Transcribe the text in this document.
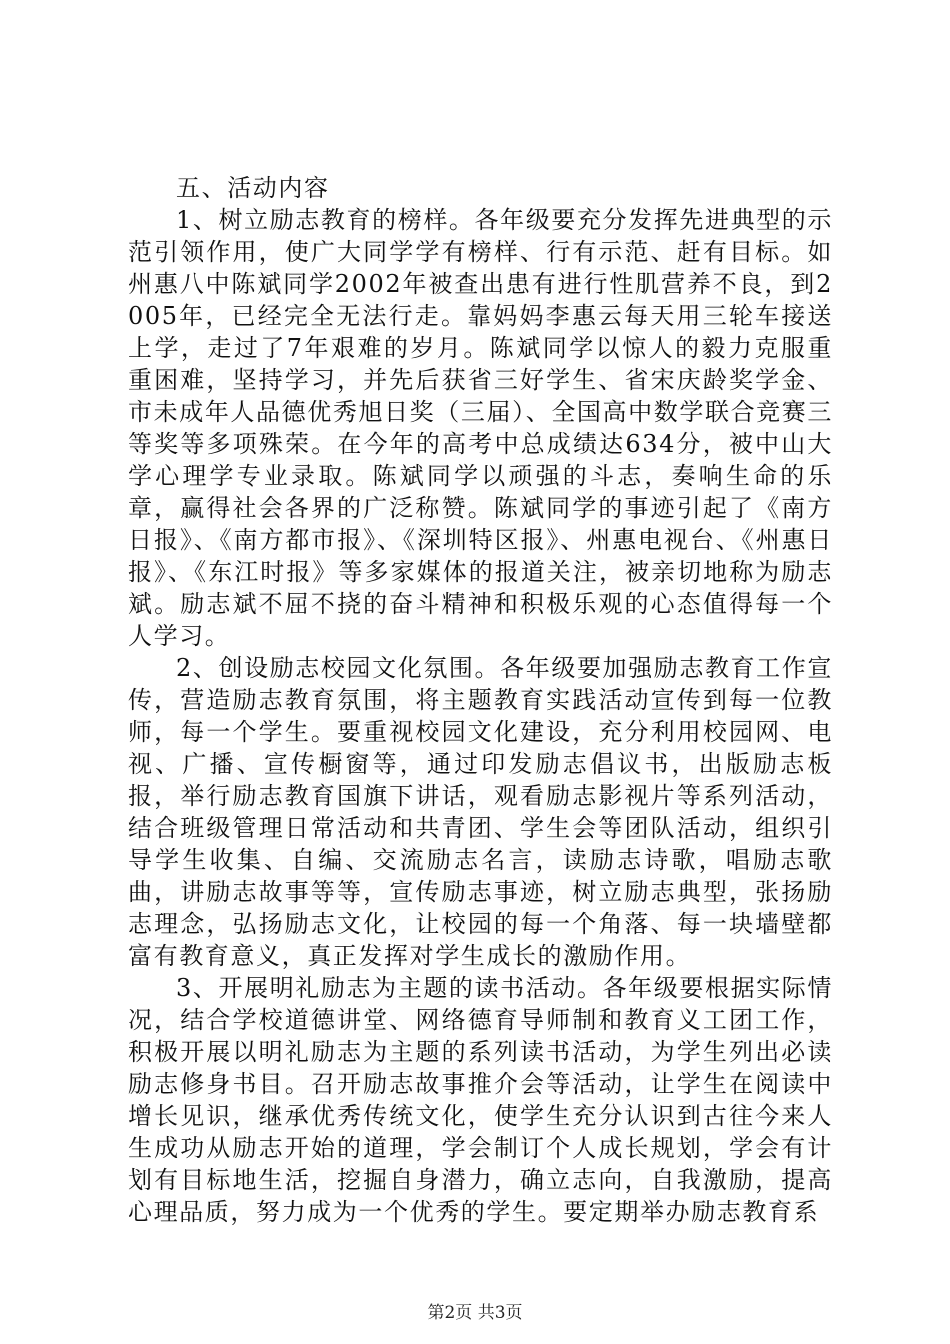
五、活动内容

1、树立励志教育的榜样。各年级要充分发挥先进典型的示范引领作用，使广大同学学有榜样、行有示范、赶有目标。如州惠八中陈斌同学2002年被查出患有进行性肌营养不良，到2005年，已经完全无法行走。靠妈妈李惠云每天用三轮车接送上学，走过了7年艰难的岁月。陈斌同学以惊人的毅力克服重重困难，坚持学习，并先后获省三好学生、省宋庆龄奖学金、市未成年人品德优秀旭日奖（三届）、全国高中数学联合竞赛三等奖等多项殊荣。在今年的高考中总成绩达634分，被中山大学心理学专业录取。陈斌同学以顽强的斗志，奏响生命的乐章，赢得社会各界的广泛称赞。陈斌同学的事迹引起了《南方日报》、《南方都市报》、《深圳特区报》、州惠电视台、《州惠日报》、《东江时报》等多家媒体的报道关注，被亲切地称为励志斌。励志斌不屈不挠的奋斗精神和积极乐观的心态值得每一个人学习。

2、创设励志校园文化氛围。各年级要加强励志教育工作宣传，营造励志教育氛围，将主题教育实践活动宣传到每一位教师，每一个学生。要重视校园文化建设，充分利用校园网、电视、广播、宣传橱窗等，通过印发励志倡议书，出版励志板报，举行励志教育国旗下讲话，观看励志影视片等系列活动，结合班级管理日常活动和共青团、学生会等团队活动，组织引导学生收集、自编、交流励志名言，读励志诗歌，唱励志歌曲，讲励志故事等等，宣传励志事迹，树立励志典型，张扬励志理念，弘扬励志文化，让校园的每一个角落、每一块墙壁都富有教育意义，真正发挥对学生成长的激励作用。

3、开展明礼励志为主题的读书活动。各年级要根据实际情况，结合学校道德讲堂、网络德育导师制和教育义工团工作，积极开展以明礼励志为主题的系列读书活动，为学生列出必读励志修身书目。召开励志故事推介会等活动，让学生在阅读中增长见识，继承优秀传统文化，使学生充分认识到古往今来人生成功从励志开始的道理，学会制订个人成长规划，学会有计划有目标地生活，挖掘自身潜力，确立志向，自我激励，提高心理品质，努力成为一个优秀的学生。要定期举办励志教育系

第2页 共3页
